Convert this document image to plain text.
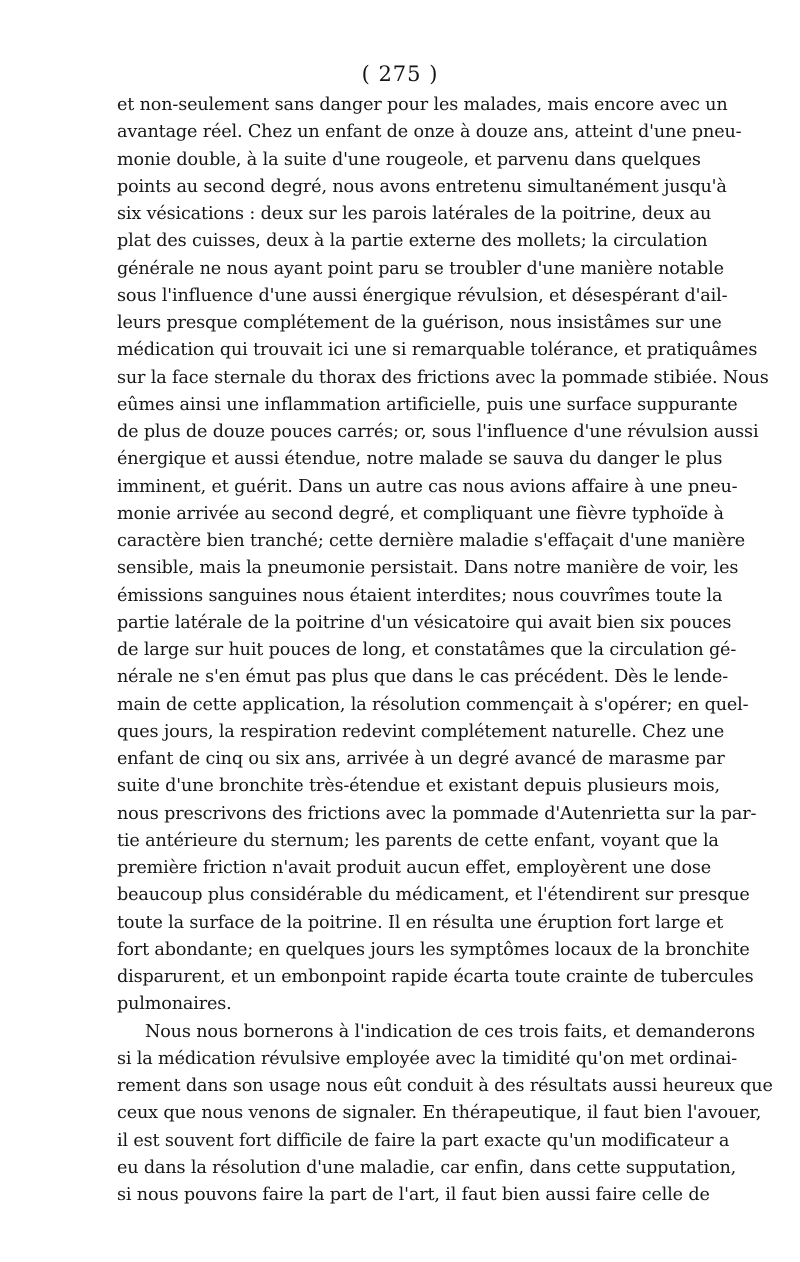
( 275 )
et non-seulement sans danger pour les malades, mais encore avec un
avantage réel. Chez un enfant de onze à douze ans, atteint d'une pneu-
monie double, à la suite d'une rougeole, et parvenu dans quelques
points au second degré, nous avons entretenu simultanément jusqu'à
six vésications : deux sur les parois latérales de la poitrine, deux au
plat des cuisses, deux à la partie externe des mollets; la circulation
générale ne nous ayant point paru se troubler d'une manière notable
sous l'influence d'une aussi énergique révulsion, et désespérant d'ail-
leurs presque complétement de la guérison, nous insistâmes sur une
médication qui trouvait ici une si remarquable tolérance, et pratiquâmes
sur la face sternale du thorax des frictions avec la pommade stibiée. Nous
eûmes ainsi une inflammation artificielle, puis une surface suppurante
de plus de douze pouces carrés; or, sous l'influence d'une révulsion aussi
énergique et aussi étendue, notre malade se sauva du danger le plus
imminent, et guérit. Dans un autre cas nous avions affaire à une pneu-
monie arrivée au second degré, et compliquant une fièvre typhoïde à
caractère bien tranché; cette dernière maladie s'effaçait d'une manière
sensible, mais la pneumonie persistait. Dans notre manière de voir, les
émissions sanguines nous étaient interdites; nous couvrîmes toute la
partie latérale de la poitrine d'un vésicatoire qui avait bien six pouces
de large sur huit pouces de long, et constatâmes que la circulation gé-
nérale ne s'en émut pas plus que dans le cas précédent. Dès le lende-
main de cette application, la résolution commençait à s'opérer; en quel-
ques jours, la respiration redevint complétement naturelle. Chez une
enfant de cinq ou six ans, arrivée à un degré avancé de marasme par
suite d'une bronchite très-étendue et existant depuis plusieurs mois,
nous prescrivons des frictions avec la pommade d'Autenrietta sur la par-
tie antérieure du sternum; les parents de cette enfant, voyant que la
première friction n'avait produit aucun effet, employèrent une dose
beaucoup plus considérable du médicament, et l'étendirent sur presque
toute la surface de la poitrine. Il en résulta une éruption fort large et
fort abondante; en quelques jours les symptômes locaux de la bronchite
disparurent, et un embonpoint rapide écarta toute crainte de tubercules
pulmonaires.
Nous nous bornerons à l'indication de ces trois faits, et demanderons
si la médication révulsive employée avec la timidité qu'on met ordinai-
rement dans son usage nous eût conduit à des résultats aussi heureux que
ceux que nous venons de signaler. En thérapeutique, il faut bien l'avouer,
il est souvent fort difficile de faire la part exacte qu'un modificateur a
eu dans la résolution d'une maladie, car enfin, dans cette supputation,
si nous pouvons faire la part de l'art, il faut bien aussi faire celle de
